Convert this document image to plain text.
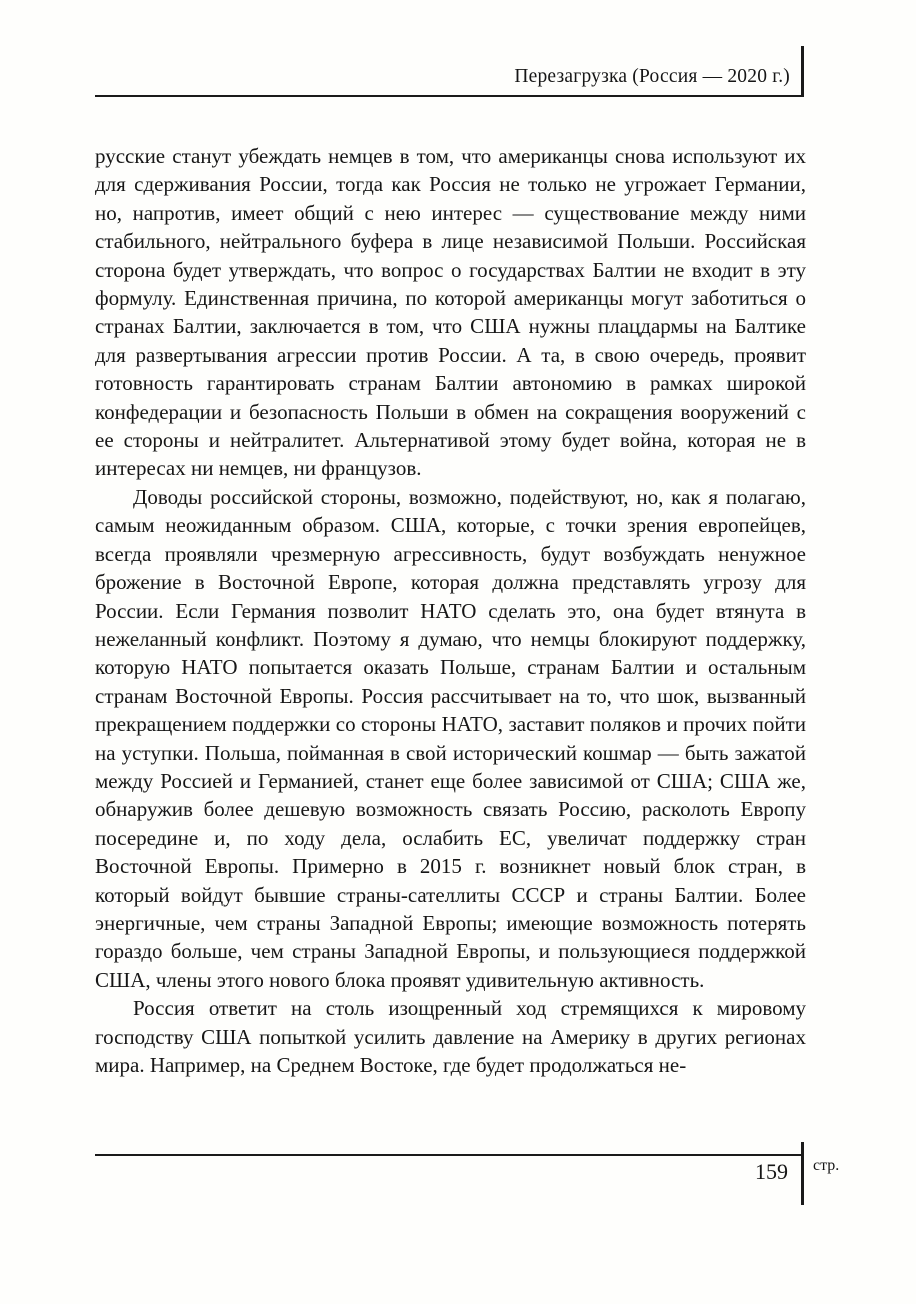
Перезагрузка (Россия — 2020 г.)

русские станут убеждать немцев в том, что американцы снова используют их для сдерживания России, тогда как Россия не только не угрожает Германии, но, напротив, имеет общий с нею интерес — существование между ними стабильного, нейтрального буфера в лице независимой Польши. Российская сторона будет утверждать, что вопрос о государствах Балтии не входит в эту формулу. Единственная причина, по которой американцы могут заботиться о странах Балтии, заключается в том, что США нужны плацдармы на Балтике для развертывания агрессии против России. А та, в свою очередь, проявит готовность гарантировать странам Балтии автономию в рамках широкой конфедерации и безопасность Польши в обмен на сокращения вооружений с ее стороны и нейтралитет. Альтернативой этому будет война, которая не в интересах ни немцев, ни французов.

Доводы российской стороны, возможно, подействуют, но, как я полагаю, самым неожиданным образом. США, которые, с точки зрения европейцев, всегда проявляли чрезмерную агрессивность, будут возбуждать ненужное брожение в Восточной Европе, которая должна представлять угрозу для России. Если Германия позволит НАТО сделать это, она будет втянута в нежеланный конфликт. Поэтому я думаю, что немцы блокируют поддержку, которую НАТО попытается оказать Польше, странам Балтии и остальным странам Восточной Европы. Россия рассчитывает на то, что шок, вызванный прекращением поддержки со стороны НАТО, заставит поляков и прочих пойти на уступки. Польша, пойманная в свой исторический кошмар — быть зажатой между Россией и Германией, станет еще более зависимой от США; США же, обнаружив более дешевую возможность связать Россию, расколоть Европу посередине и, по ходу дела, ослабить ЕС, увеличат поддержку стран Восточной Европы. Примерно в 2015 г. возникнет новый блок стран, в который войдут бывшие страны-сателлиты СССР и страны Балтии. Более энергичные, чем страны Западной Европы; имеющие возможность потерять гораздо больше, чем страны Западной Европы, и пользующиеся поддержкой США, члены этого нового блока проявят удивительную активность.

Россия ответит на столь изощренный ход стремящихся к мировому господству США попыткой усилить давление на Америку в других регионах мира. Например, на Среднем Востоке, где будет продолжаться не-

159 стр.
